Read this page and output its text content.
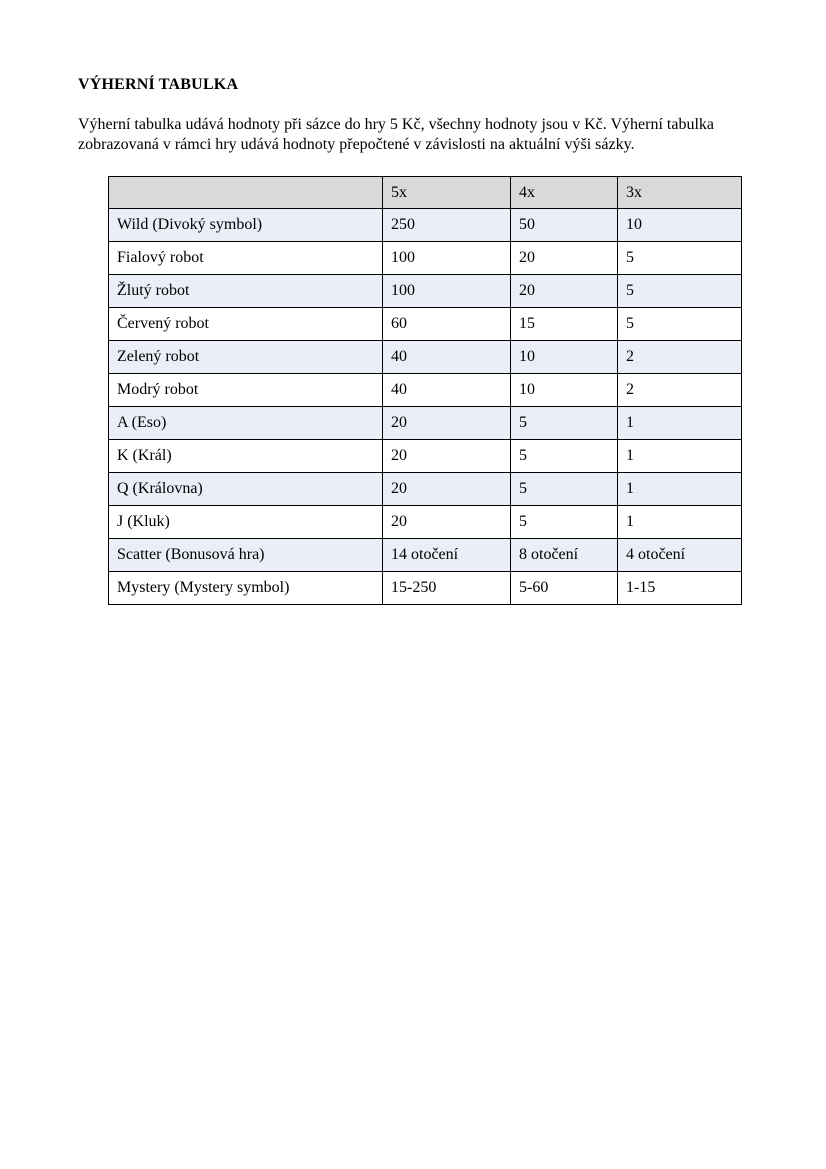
VÝHERNÍ TABULKA

Výherní tabulka udává hodnoty při sázce do hry 5 Kč, všechny hodnoty jsou v Kč. Výherní tabulka zobrazovaná v rámci hry udává hodnoty přepočtené v závislosti na aktuální výši sázky.

	5x	4x	3x
Wild (Divoký symbol)	250	50	10
Fialový robot	100	20	5
Žlutý robot	100	20	5
Červený robot	60	15	5
Zelený robot	40	10	2
Modrý robot	40	10	2
A (Eso)	20	5	1
K (Král)	20	5	1
Q (Královna)	20	5	1
J (Kluk)	20	5	1
Scatter (Bonusová hra)	14 otočení	8 otočení	4 otočení
Mystery (Mystery symbol)	15-250	5-60	1-15
